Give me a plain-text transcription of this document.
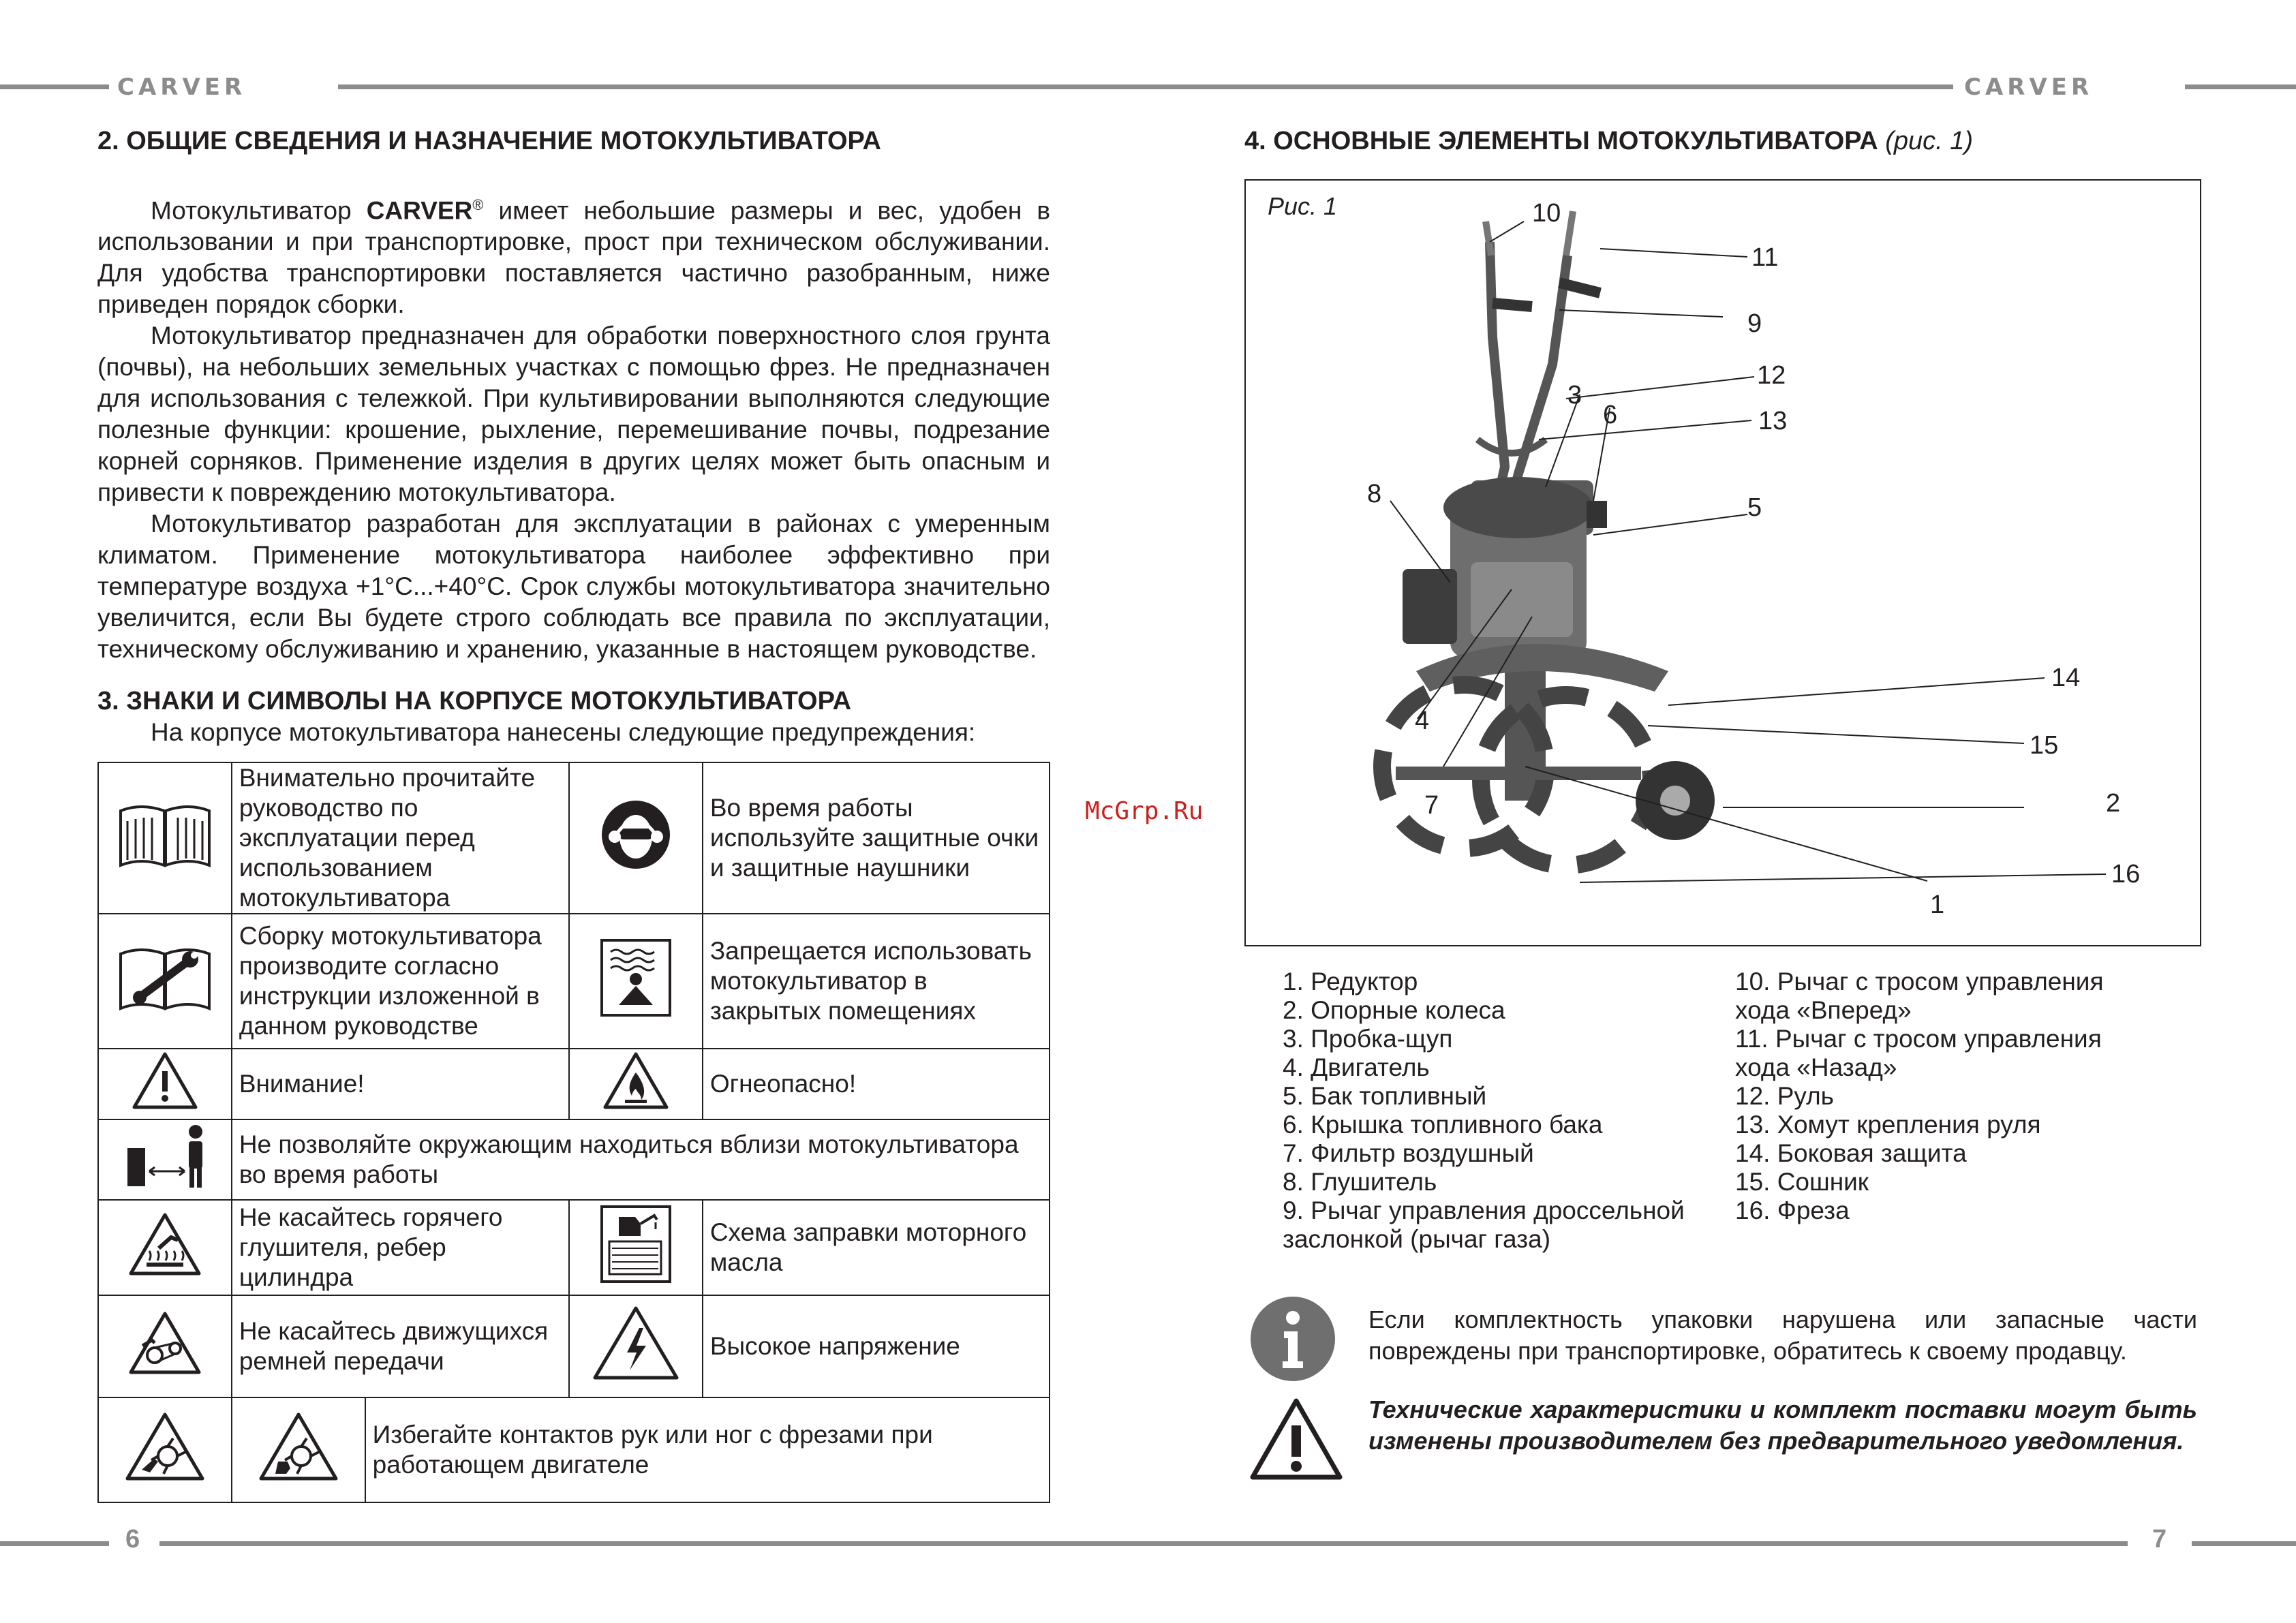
CARVER	CARVER
2. ОБЩИЕ СВЕДЕНИЯ И НАЗНАЧЕНИЕ МОТОКУЛЬТИВАТОРА

Мотокультиватор CARVER® имеет небольшие размеры и вес, удобен в использовании и при транспортировке, прост при техническом обслуживании. Для удобства транспортировки поставляется частично разобранным, ниже приведен порядок сборки.

Мотокультиватор предназначен для обработки поверхностного слоя грунта (почвы), на небольших земельных участках с помощью фрез. Не предназначен для использования с тележкой. При культивировании выполняются следующие полезные функции: крошение, рыхление, перемешивание почвы, подрезание корней сорняков. Применение изделия в других целях может быть опасным и привести к повреждению мотокультиватора.

Мотокультиватор разработан для эксплуатации в районах с умеренным климатом. Применение мотокультиватора наиболее эффективно при температуре воздуха +1°С...+40°С. Срок службы мотокультиватора значительно увеличится, если Вы будете строго соблюдать все правила по эксплуатации, техническому обслуживанию и хранению, указанные в настоящем руководстве.

3. ЗНАКИ И СИМВОЛЫ НА КОРПУСЕ МОТОКУЛЬТИВАТОРА
На корпусе мотокультиватора нанесены следующие предупреждения:
	Внимательно прочитайте руководство по эксплуатации перед использованием мотокультиватора			Во время работы используйте защитные очки и защитные наушники
	Сборку мотокультиватора производите согласно инструкции изложенной в данном руководстве			Запрещается использовать мотокультиватор в закрытых помещениях
	Внимание!			Огнеопасно!
	Не позволяйте окружающим находиться вблизи мотокультиватора во время работы			
	Не касайтесь горячего глушителя, ребер цилиндра			Схема заправки моторного масла
	Не касайтесь движущихся ремней передачи			Высокое напряжение
		Избегайте контактов рук или ног с фрезами при работающем двигателе		
4. ОСНОВНЫЕ ЭЛЕМЕНТЫ МОТОКУЛЬТИВАТОРА (рис. 1)
Рис. 1
1
2
3
4
5
6
7
8
9
10
11
12
13
14
15
16
1. Редуктор
2. Опорные колеса
3. Пробка-щуп
4. Двигатель
5. Бак топливный
6. Крышка топливного бака
7. Фильтр воздушный
8. Глушитель
9. Рычаг управления дроссельной
заслонкой (рычаг газа)
10. Рычаг с тросом управления
хода «Вперед»
11. Рычаг с тросом управления
хода «Назад»
12. Руль
13. Хомут крепления руля
14. Боковая защита
15. Сошник
16. Фреза
Если комплектность упаковки нарушена или запасные части повреждены при транспортировке, обратитесь к своему продавцу.
Технические характеристики и комплект поставки могут быть изменены производителем без предварительного уведомления.
6	7
McGrp.Ru
